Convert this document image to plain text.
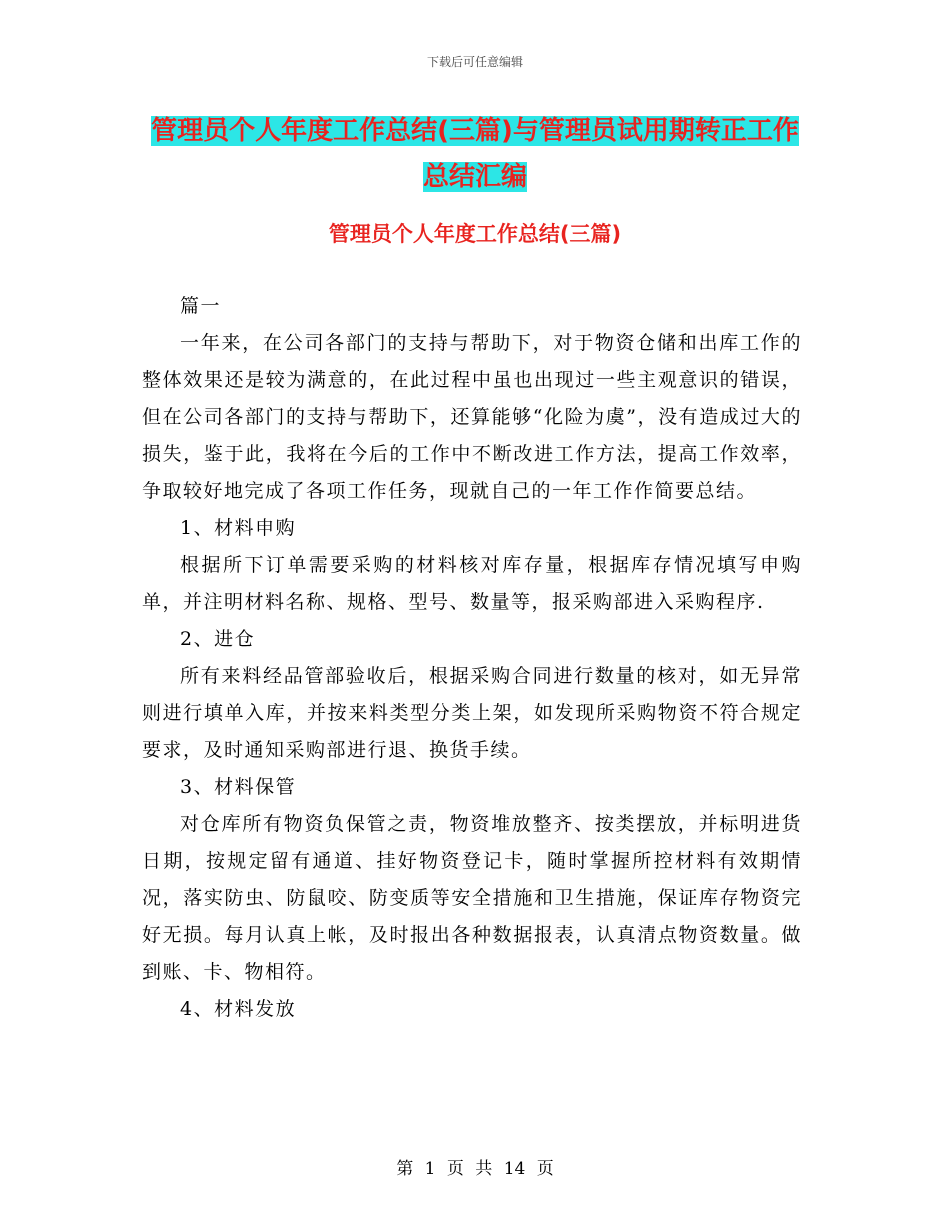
下载后可任意编辑
管理员个人年度工作总结(三篇)与管理员试用期转正工作总结汇编
管理员个人年度工作总结(三篇)

篇一

一年来，在公司各部门的支持与帮助下，对于物资仓储和出库工作的整体效果还是较为满意的，在此过程中虽也出现过一些主观意识的错误，但在公司各部门的支持与帮助下，还算能够“化险为虞”，没有造成过大的损失，鉴于此，我将在今后的工作中不断改进工作方法，提高工作效率，争取较好地完成了各项工作任务，现就自己的一年工作作简要总结。

1、材料申购

根据所下订单需要采购的材料核对库存量，根据库存情况填写申购单，并注明材料名称、规格、型号、数量等，报采购部进入采购程序.

2、进仓

所有来料经品管部验收后，根据采购合同进行数量的核对，如无异常则进行填单入库，并按来料类型分类上架，如发现所采购物资不符合规定要求，及时通知采购部进行退、换货手续。

3、材料保管

对仓库所有物资负保管之责，物资堆放整齐、按类摆放，并标明进货日期，按规定留有通道、挂好物资登记卡，随时掌握所控材料有效期情况，落实防虫、防鼠咬、防变质等安全措施和卫生措施，保证库存物资完好无损。每月认真上帐，及时报出各种数据报表，认真清点物资数量。做到账、卡、物相符。

4、材料发放

第 1 页 共 14 页
